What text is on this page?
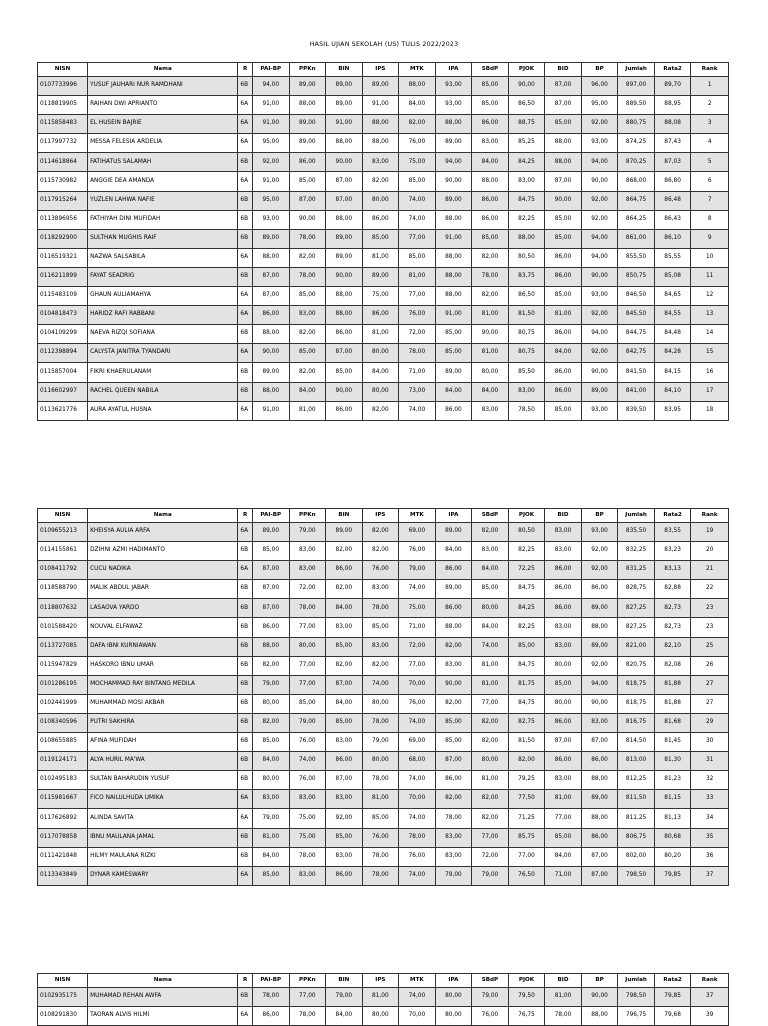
HASIL UJIAN SEKOLAH (US) TULIS 2022/2023
NISN	Nama	R	PAI-BP	PPKn	BIN	IPS	MTK	IPA	SBdP	PJOK	BID	BP	Jumlah	Rata2	Rank
0107733996	YUSUF JAUHARI NUR RAMDHANI	6B	94,00	89,00	89,00	89,00	88,00	93,00	85,00	90,00	87,00	96,00	897,00	89,70	1
0118819905	RAIHAN DWI APRIANTO	6A	91,00	88,00	89,00	91,00	84,00	93,00	85,00	86,50	87,00	95,00	889,50	88,95	2
0115858483	EL HUSEIN BAJRIE	6A	91,00	89,00	91,00	88,00	82,00	88,00	86,00	88,75	85,00	92,00	880,75	88,08	3
0117997732	MESSA FELESIA ARDELIA	6A	95,00	89,00	88,00	88,00	76,00	89,00	83,00	85,25	88,00	93,00	874,25	87,43	4
0114618864	FATIHATUS SALAMAH	6B	92,00	86,00	90,00	83,00	75,00	94,00	84,00	84,25	88,00	94,00	870,25	87,03	5
0115730982	ANGGIE DEA AMANDA	6A	91,00	85,00	87,00	82,00	85,00	90,00	88,00	83,00	87,00	90,00	868,00	86,80	6
0117915264	YUZLEN LAHWA NAFIE	6B	95,00	87,00	87,00	80,00	74,00	89,00	86,00	84,75	90,00	92,00	864,75	86,48	7
0113896956	FATHIYAH DINI MUFIDAH	6B	93,00	90,00	88,00	86,00	74,00	88,00	86,00	82,25	85,00	92,00	864,25	86,43	8
0118292900	SULTHAN MUGHIS RAIF	6B	89,00	78,00	89,00	85,00	77,00	91,00	85,00	88,00	85,00	94,00	861,00	86,10	9
0116519321	NAZWA SALSABILA	6A	88,00	82,00	89,00	81,00	85,00	88,00	82,00	80,50	86,00	94,00	855,50	85,55	10
0116211899	FAYAT SEADRIG	6B	87,00	78,00	90,00	89,00	81,00	88,00	78,00	83,75	86,00	90,00	850,75	85,08	11
0115483109	GHAUN AULIAMAHYA	6A	87,00	85,00	88,00	75,00	77,00	88,00	82,00	86,50	85,00	93,00	846,50	84,65	12
0104818473	HARIDZ RAFI RABBANI	6A	86,00	83,00	88,00	86,00	76,00	91,00	81,00	81,50	81,00	92,00	845,50	84,55	13
0104109299	NAEVA RIZQI SOFIANA	6B	88,00	82,00	86,00	81,00	72,00	85,00	90,00	80,75	86,00	94,00	844,75	84,48	14
0112398894	CALYSTA JANITRA TYANDARI	6A	90,00	85,00	87,00	80,00	78,00	85,00	81,00	80,75	84,00	92,00	842,75	84,28	15
0115857004	FIKRI KHAERULANAM	6B	89,00	82,00	85,00	84,00	71,00	89,00	80,00	85,50	86,00	90,00	841,50	84,15	16
0116602997	RACHEL QUEEN NABILA	6B	88,00	84,00	90,00	80,00	73,00	84,00	84,00	83,00	86,00	89,00	841,00	84,10	17
0113621776	AURA AYATUL HUSNA	6A	91,00	81,00	86,00	82,00	74,00	86,00	83,00	78,50	85,00	93,00	839,50	83,95	18
NISN	Nama	R	PAI-BP	PPKn	BIN	IPS	MTK	IPA	SBdP	PJOK	BID	BP	Jumlah	Rata2	Rank
0109655213	KHEISYA AULIA ARFA	6A	89,00	79,00	89,00	82,00	69,00	89,00	82,00	80,50	83,00	93,00	835,50	83,55	19
0114155861	DZIHNI AZMI HADIMANTO	6B	85,00	83,00	82,00	82,00	76,00	84,00	83,00	82,25	83,00	92,00	832,25	83,23	20
0108411792	CUCU NADIKA	6A	87,00	83,00	86,00	76,00	79,00	86,00	84,00	72,25	86,00	92,00	831,25	83,13	21
0118588790	MALIK ABDUL JABAR	6B	87,00	72,00	82,00	83,00	74,00	89,00	85,00	84,75	86,00	86,00	828,75	82,88	22
0118807632	LASAOVA YARDO	6B	87,00	78,00	84,00	78,00	75,00	86,00	80,00	84,25	86,00	89,00	827,25	82,73	23
0101588420	NOUVAL ELFAWAZ	6B	86,00	77,00	83,00	85,00	71,00	88,00	84,00	82,25	83,00	88,00	827,25	82,73	23
0113727085	DAFA IBNI KURNIAWAN	6B	88,00	80,00	85,00	83,00	72,00	82,00	74,00	85,00	83,00	89,00	821,00	82,10	25
0115947829	HASKORO IBNU UMAR	6B	82,00	77,00	82,00	82,00	77,00	83,00	81,00	84,75	80,00	92,00	820,75	82,08	26
0101286195	MOCHAMMAD RAY BINTANG MEDILA	6B	79,00	77,00	87,00	74,00	70,00	90,00	81,00	81,75	85,00	94,00	818,75	81,88	27
0102441999	MUHAMMAD MOSI AKBAR	6B	80,00	85,00	84,00	80,00	76,00	82,00	77,00	84,75	80,00	90,00	818,75	81,88	27
0108340596	PUTRI SAKHIRA	6B	82,00	79,00	85,00	78,00	74,00	85,00	82,00	82,75	86,00	83,00	816,75	81,68	29
0108655885	AFINA MUFIDAH	6B	85,00	76,00	83,00	79,00	69,00	85,00	82,00	81,50	87,00	87,00	814,50	81,45	30
0119124171	ALYA HURIL MA'WA	6B	84,00	74,00	86,00	80,00	68,00	87,00	80,00	82,00	86,00	86,00	813,00	81,30	31
0102495183	SULTAN BAHARUDIN YUSUF	6B	80,00	76,00	87,00	78,00	74,00	86,00	81,00	79,25	83,00	88,00	812,25	81,23	32
0115981667	FICO NAILULHUDA UMIKA	6A	83,00	83,00	83,00	81,00	70,00	82,00	82,00	77,50	81,00	89,00	811,50	81,15	33
0117626892	ALINDA SAVITA	6A	79,00	75,00	92,00	85,00	74,00	78,00	82,00	71,25	77,00	88,00	811,25	81,13	34
0117078858	IBNU MAULANA JAMAL	6B	81,00	75,00	85,00	76,00	78,00	83,00	77,00	85,75	85,00	86,00	806,75	80,68	35
0111421848	HILMY MAULANA RIZKI	6B	84,00	78,00	83,00	78,00	76,00	83,00	72,00	77,00	84,00	87,00	802,00	80,20	36
0113343849	DYNAR KAMESWARY	6A	85,00	83,00	86,00	78,00	74,00	79,00	79,00	76,50	71,00	87,00	798,50	79,85	37
NISN	Nama	R	PAI-BP	PPKn	BIN	IPS	MTK	IPA	SBdP	PJOK	BID	BP	Jumlah	Rata2	Rank
0102935175	MUHAMAD REHAN AWFA	6B	78,00	77,00	79,00	81,00	74,00	80,00	79,00	79,50	81,00	90,00	798,50	79,85	37
0108291830	TAORAN ALVIS HILMI	6A	86,00	78,00	84,00	80,00	70,00	80,00	76,00	76,75	78,00	88,00	796,75	79,68	39
